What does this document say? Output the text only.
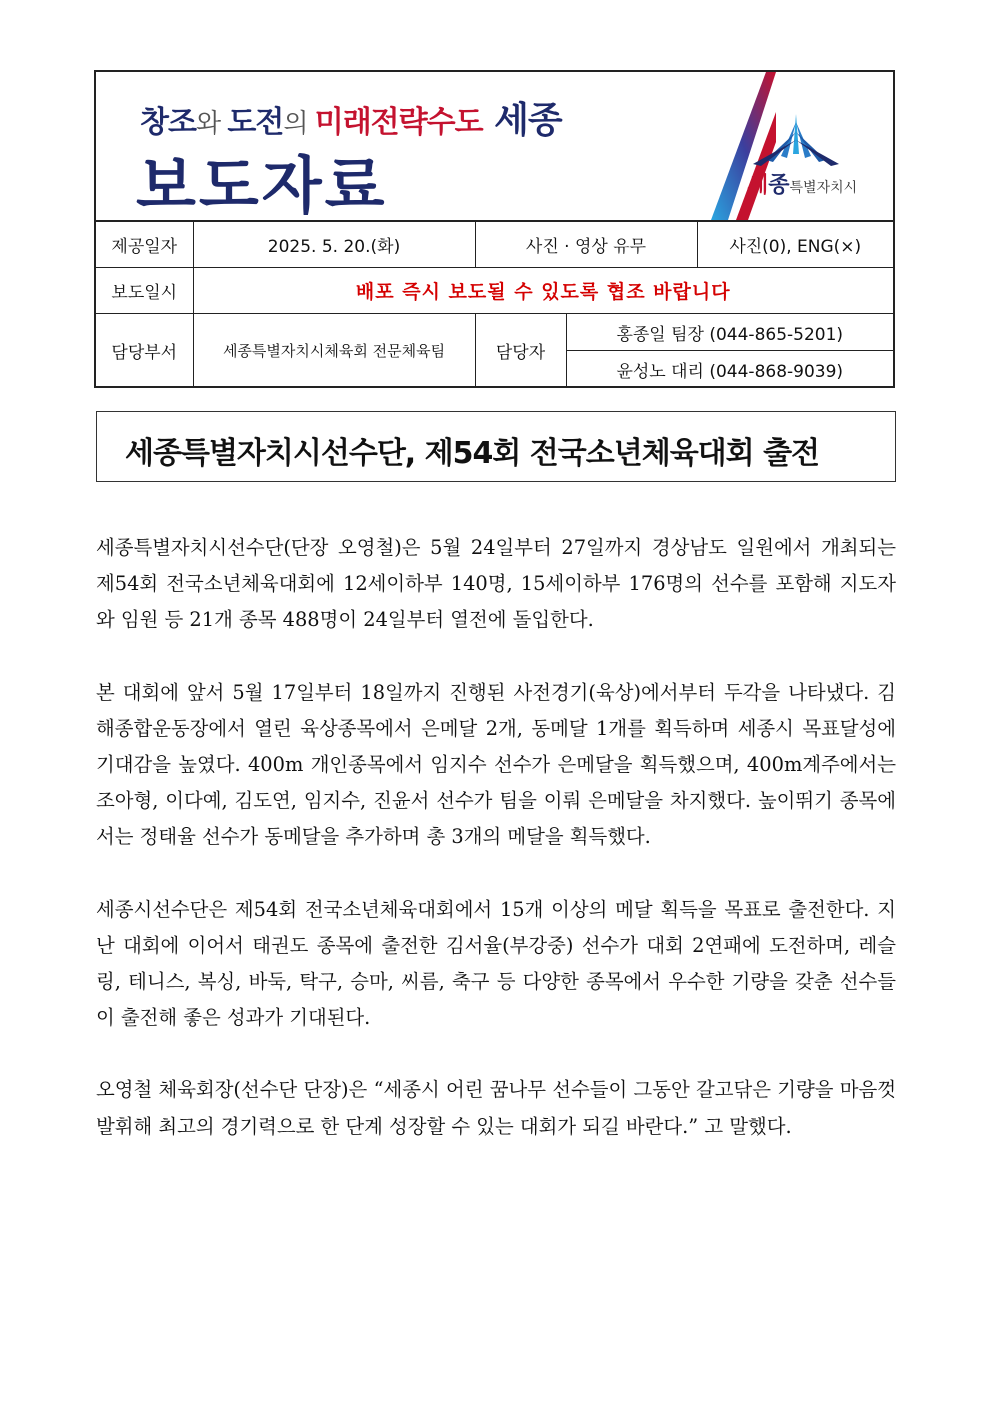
창조와 도전의 미래전략수도 세종
보도자료	세종특별자치시
제공일자	2025. 5. 20.(화)	사진 · 영상 유무		사진(0), ENG(×)
보도일시	배포 즉시 보도될 수 있도록 협조 바랍니다			
담당부서	세종특별자치시체육회 전문체육팀	담당자	홍종일 팀장 (044-865-5201)	
			윤성노 대리 (044-868-9039)	
세종특별자치시선수단, 제54회 전국소년체육대회 출전

세종특별자치시선수단(단장 오영철)은 5월 24일부터 27일까지 경상남도 일원에서 개최되는 제54회 전국소년체육대회에 12세이하부 140명, 15세이하부 176명의 선수를 포함해 지도자와 임원 등 21개 종목 488명이 24일부터 열전에 돌입한다.

본 대회에 앞서 5월 17일부터 18일까지 진행된 사전경기(육상)에서부터 두각을 나타냈다. 김해종합운동장에서 열린 육상종목에서 은메달 2개, 동메달 1개를 획득하며 세종시 목표달성에 기대감을 높였다. 400m 개인종목에서 임지수 선수가 은메달을 획득했으며, 400m계주에서는 조아형, 이다예, 김도연, 임지수, 진윤서 선수가 팀을 이뤄 은메달을 차지했다. 높이뛰기 종목에서는 정태율 선수가 동메달을 추가하며 총 3개의 메달을 획득했다.

세종시선수단은 제54회 전국소년체육대회에서 15개 이상의 메달 획득을 목표로 출전한다. 지난 대회에 이어서 태권도 종목에 출전한 김서율(부강중) 선수가 대회 2연패에 도전하며, 레슬링, 테니스, 복싱, 바둑, 탁구, 승마, 씨름, 축구 등 다양한 종목에서 우수한 기량을 갖춘 선수들이 출전해 좋은 성과가 기대된다.

오영철 체육회장(선수단 단장)은 “세종시 어린 꿈나무 선수들이 그동안 갈고닦은 기량을 마음껏 발휘해 최고의 경기력으로 한 단계 성장할 수 있는 대회가 되길 바란다.” 고 말했다.
